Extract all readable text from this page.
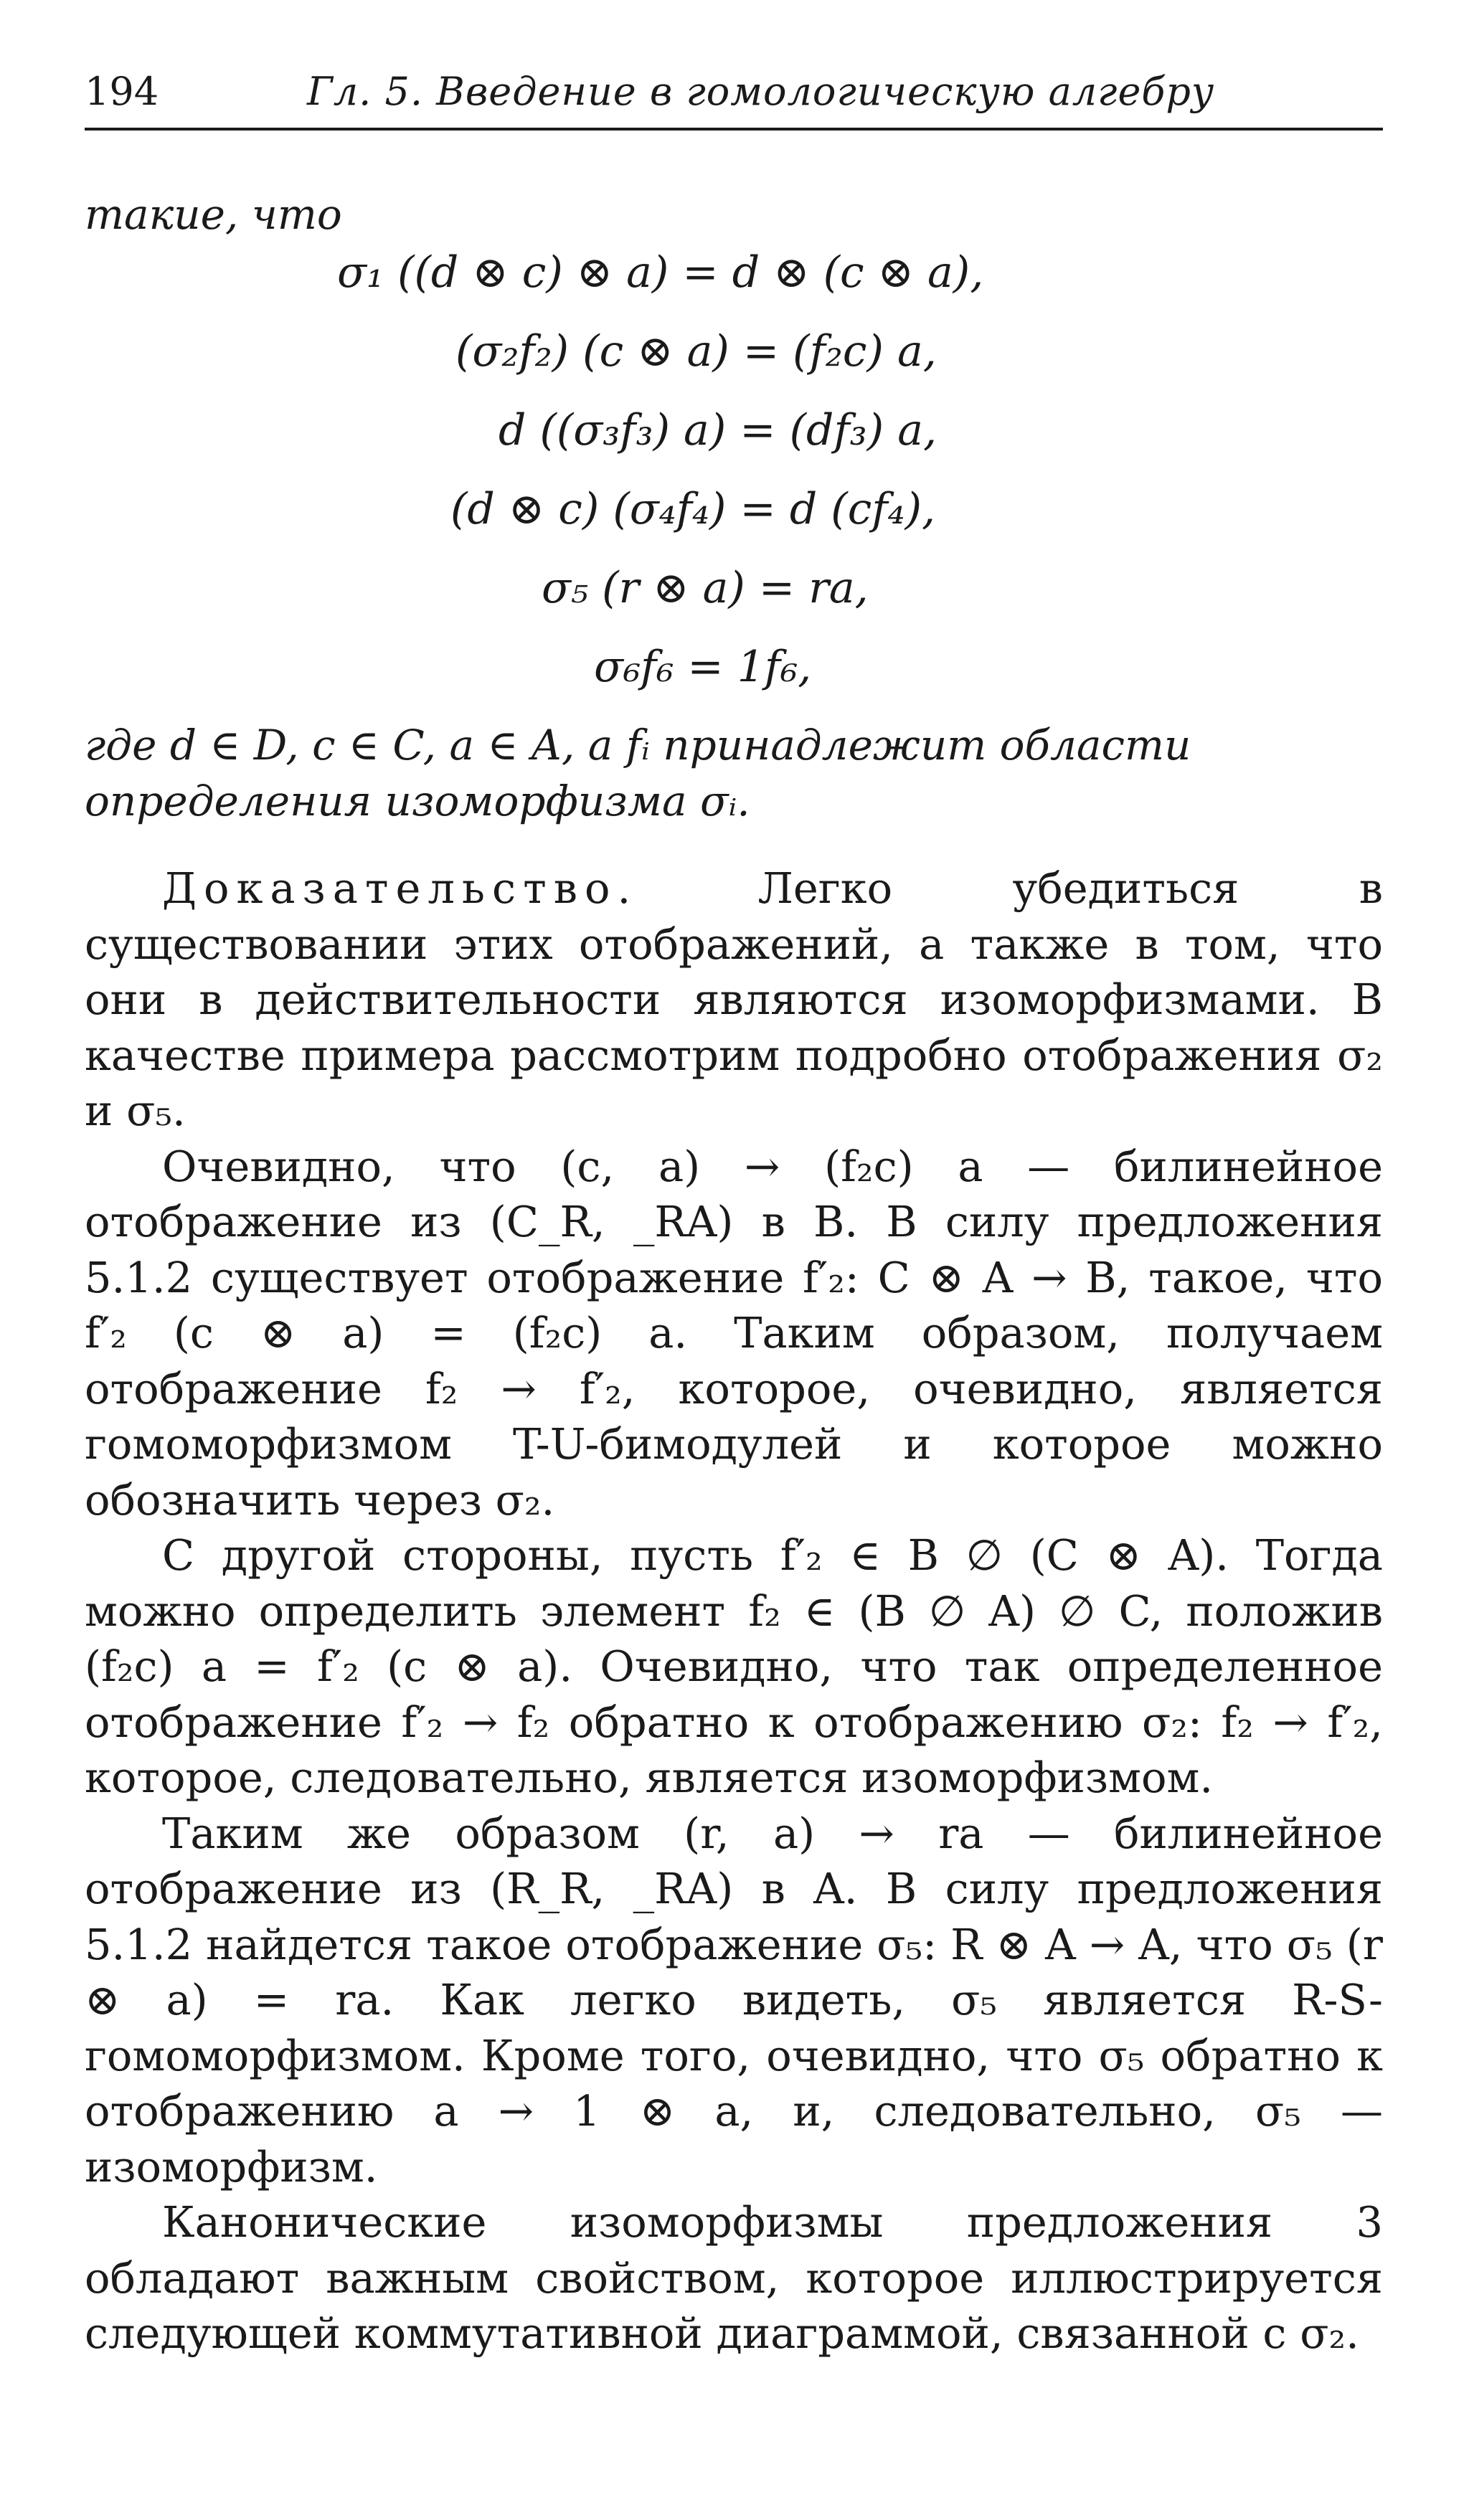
194	Гл. 5. Введение в гомологическую алгебру
такие, что
σ₁ ((d ⊗ c) ⊗ a) = d ⊗ (c ⊗ a),
(σ₂f₂) (c ⊗ a) = (f₂c) a,
d ((σ₃f₃) a) = (df₃) a,
(d ⊗ c) (σ₄f₄) = d (cf₄),
σ₅ (r ⊗ a) = ra,
σ₆f₆ = 1f₆,

где d ∈ D, c ∈ C, a ∈ A, а fᵢ принадлежит области

определения изоморфизма σᵢ.

Доказательство. Легко убедиться в существовании этих отображений, а также в том, что они в действительности являются изоморфизмами. В качестве примера рассмотрим подробно отображения σ₂ и σ₅.

Очевидно, что (c, a) → (f₂c) a — билинейное отображение из (C_R, _RA) в B. В силу предложения 5.1.2 существует отображение f′₂: C ⊗ A → B, такое, что f′₂ (c ⊗ a) = (f₂c) a. Таким образом, получаем отображение f₂ → f′₂, которое, очевидно, является гомоморфизмом T-U-бимодулей и которое можно обозначить через σ₂.

С другой стороны, пусть f′₂ ∈ B ∅ (C ⊗ A). Тогда можно определить элемент f₂ ∈ (B ∅ A) ∅ C, положив (f₂c) a = f′₂ (c ⊗ a). Очевидно, что так определенное отображение f′₂ → f₂ обратно к отображению σ₂: f₂ → f′₂, которое, следовательно, является изоморфизмом.

Таким же образом (r, a) → ra — билинейное отображение из (R_R, _RA) в A. В силу предложения 5.1.2 найдется такое отображение σ₅: R ⊗ A → A, что σ₅ (r ⊗ a) = ra. Как легко видеть, σ₅ является R-S-гомоморфизмом. Кроме того, очевидно, что σ₅ обратно к отображению a → 1 ⊗ a, и, следовательно, σ₅ — изоморфизм.

Канонические изоморфизмы предложения 3 обладают важным свойством, которое иллюстрируется следующей коммутативной диаграммой, связанной с σ₂.
